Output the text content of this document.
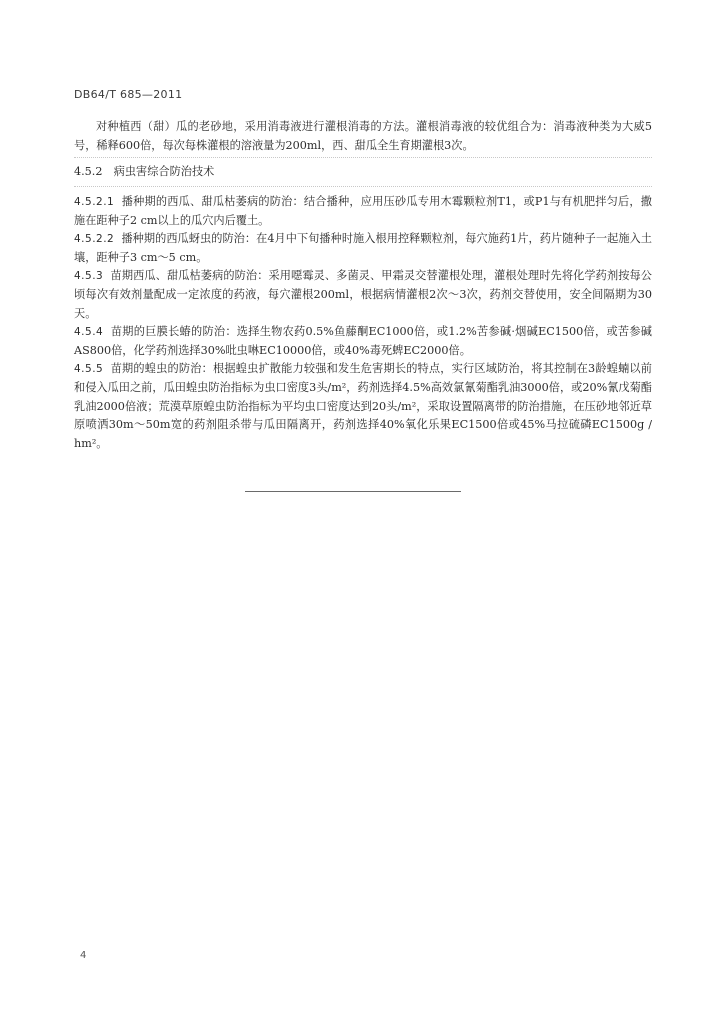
DB64/T 685—2011
对种植西（甜）瓜的老砂地，采用消毒液进行灌根消毒的方法。灌根消毒液的较优组合为：消毒液种类为大威5号，稀释600倍，每次每株灌根的溶液量为200ml，西、甜瓜全生育期灌根3次。
4.5.2　病虫害综合防治技术

4.5.2.1 播种期的西瓜、甜瓜枯萎病的防治：结合播种，应用压砂瓜专用木霉颗粒剂T1，或P1与有机肥拌匀后，撒施在距种子2 cm以上的瓜穴内后覆土。

4.5.2.2 播种期的西瓜蚜虫的防治：在4月中下旬播种时施入根用控释颗粒剂，每穴施药1片，药片随种子一起施入土壤，距种子3 cm～5 cm。

4.5.3 苗期西瓜、甜瓜枯萎病的防治：采用噁霉灵、多菌灵、甲霜灵交替灌根处理，灌根处理时先将化学药剂按每公顷每次有效剂量配成一定浓度的药液，每穴灌根200ml，根据病情灌根2次～3次，药剂交替使用，安全间隔期为30天。

4.5.4 苗期的巨膜长蝽的防治：选择生物农药0.5%鱼藤酮EC1000倍，或1.2%苦参碱·烟碱EC1500倍，或苦参碱AS800倍，化学药剂选择30%吡虫啉EC10000倍，或40%毒死蜱EC2000倍。

4.5.5 苗期的蝗虫的防治：根据蝗虫扩散能力较强和发生危害期长的特点，实行区域防治，将其控制在3龄蝗蝻以前和侵入瓜田之前，瓜田蝗虫防治指标为虫口密度3头/m²，药剂选择4.5%高效氯氰菊酯乳油3000倍，或20%氰戊菊酯乳油2000倍液；荒漠草原蝗虫防治指标为平均虫口密度达到20头/m²，采取设置隔离带的防治措施，在压砂地邻近草原喷洒30m～50m宽的药剂阻杀带与瓜田隔离开，药剂选择40%氧化乐果EC1500倍或45%马拉硫磷EC1500g / hm²。

4
